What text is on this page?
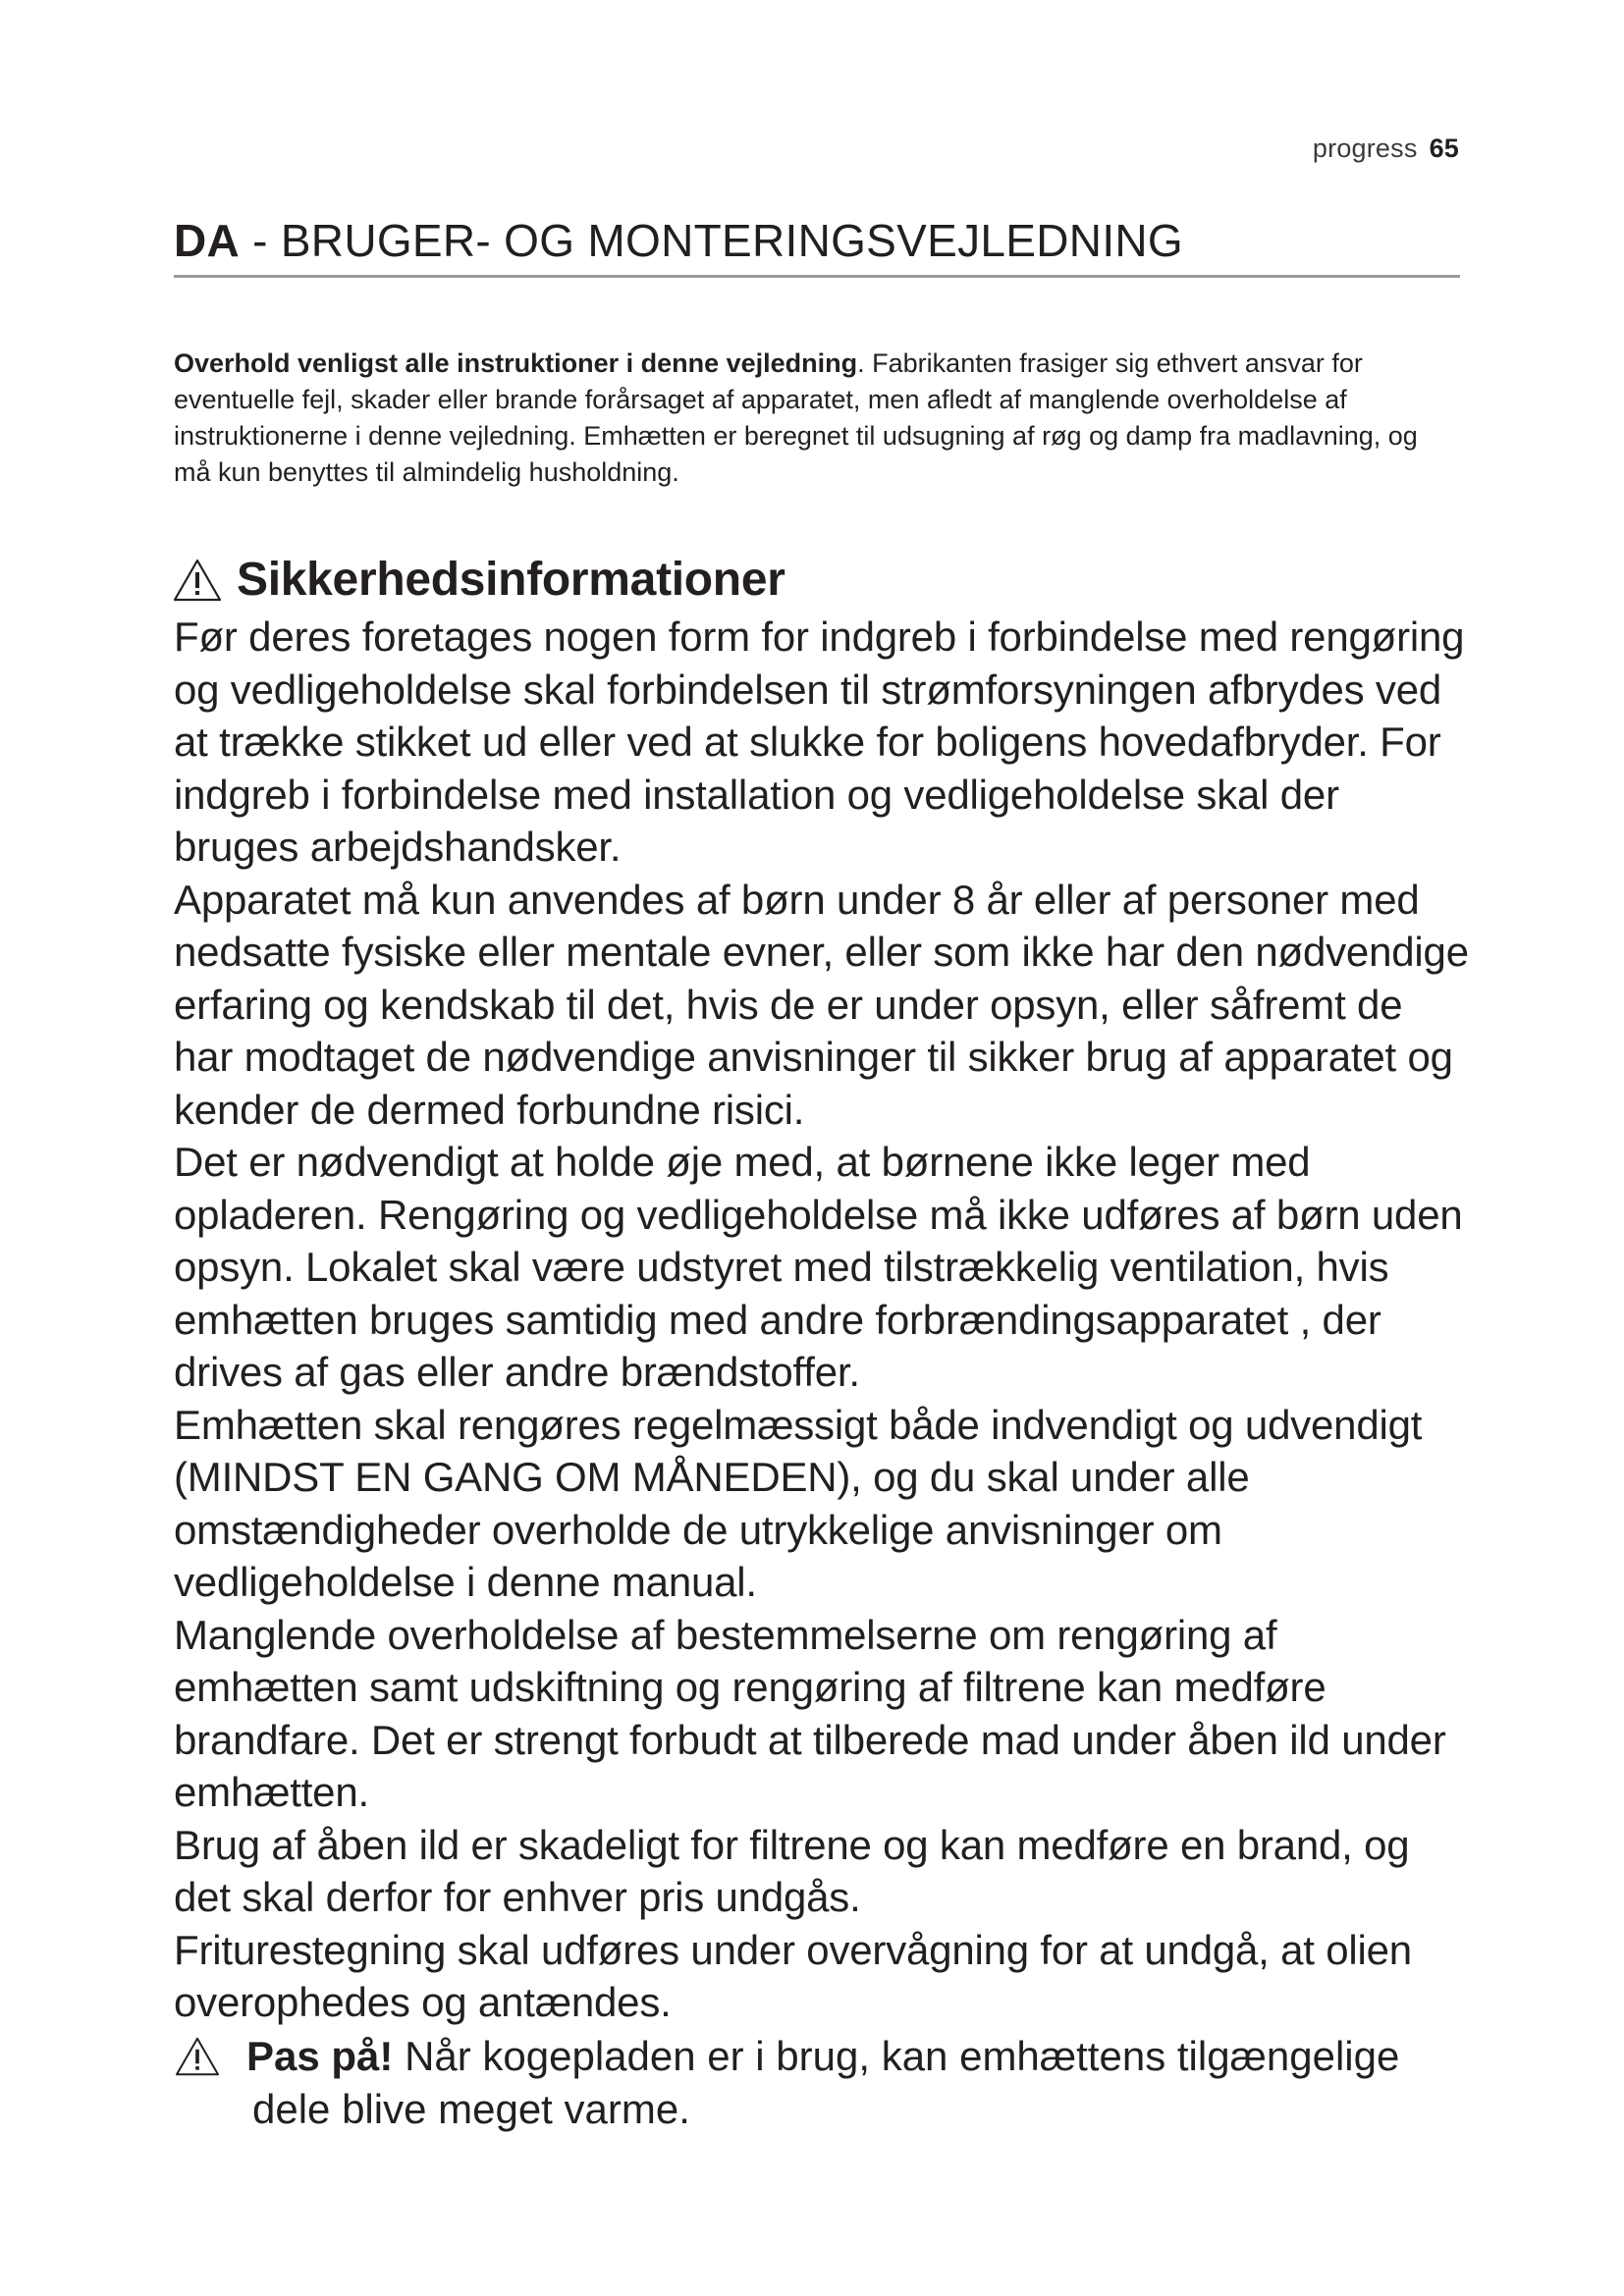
progress 65
DA - BRUGER- OG MONTERINGSVEJLEDNING
Overhold venligst alle instruktioner i denne vejledning. Fabrikanten frasiger sig ethvert ansvar for eventuelle fejl, skader eller brande forårsaget af apparatet, men afledt af manglende overholdelse af instruktionerne i denne vejledning. Emhætten er beregnet til udsugning af røg og damp fra madlavning, og må kun benyttes til almindelig husholdning.
Sikkerhedsinformationer

Før deres foretages nogen form for indgreb i forbindelse med rengøring og vedligeholdelse skal forbindelsen til strømforsyningen afbrydes ved at trække stikket ud eller ved at slukke for boligens hovedafbryder. For indgreb i forbindelse med installation og vedligeholdelse skal der bruges arbejdshandsker.

Apparatet må kun anvendes af børn under 8 år eller af personer med nedsatte fysiske eller mentale evner, eller som ikke har den nødvendige erfaring og kendskab til det, hvis de er under opsyn, eller såfremt de har modtaget de nødvendige anvisninger til sikker brug af apparatet og kender de dermed forbundne risici.

Det er nødvendigt at holde øje med, at børnene ikke leger med opladeren. Rengøring og vedligeholdelse må ikke udføres af børn uden opsyn. Lokalet skal være udstyret med tilstrækkelig ventilation, hvis emhætten bruges samtidig med andre forbrændingsapparatet , der drives af gas eller andre brændstoffer.

Emhætten skal rengøres regelmæssigt både indvendigt og udvendigt (MINDST EN GANG OM MÅNEDEN), og du skal under alle omstændigheder overholde de utrykkelige anvisninger om vedligeholdelse i denne manual.

Manglende overholdelse af bestemmelserne om rengøring af emhætten samt udskiftning og rengøring af filtrene kan medføre brandfare. Det er strengt forbudt at tilberede mad under åben ild under emhætten.

Brug af åben ild er skadeligt for filtrene og kan medføre en brand, og det skal derfor for enhver pris undgås.

Friturestegning skal udføres under overvågning for at undgå, at olien overophedes og antændes.

Pas på! Når kogepladen er i brug, kan emhættens tilgængelige
dele blive meget varme.
